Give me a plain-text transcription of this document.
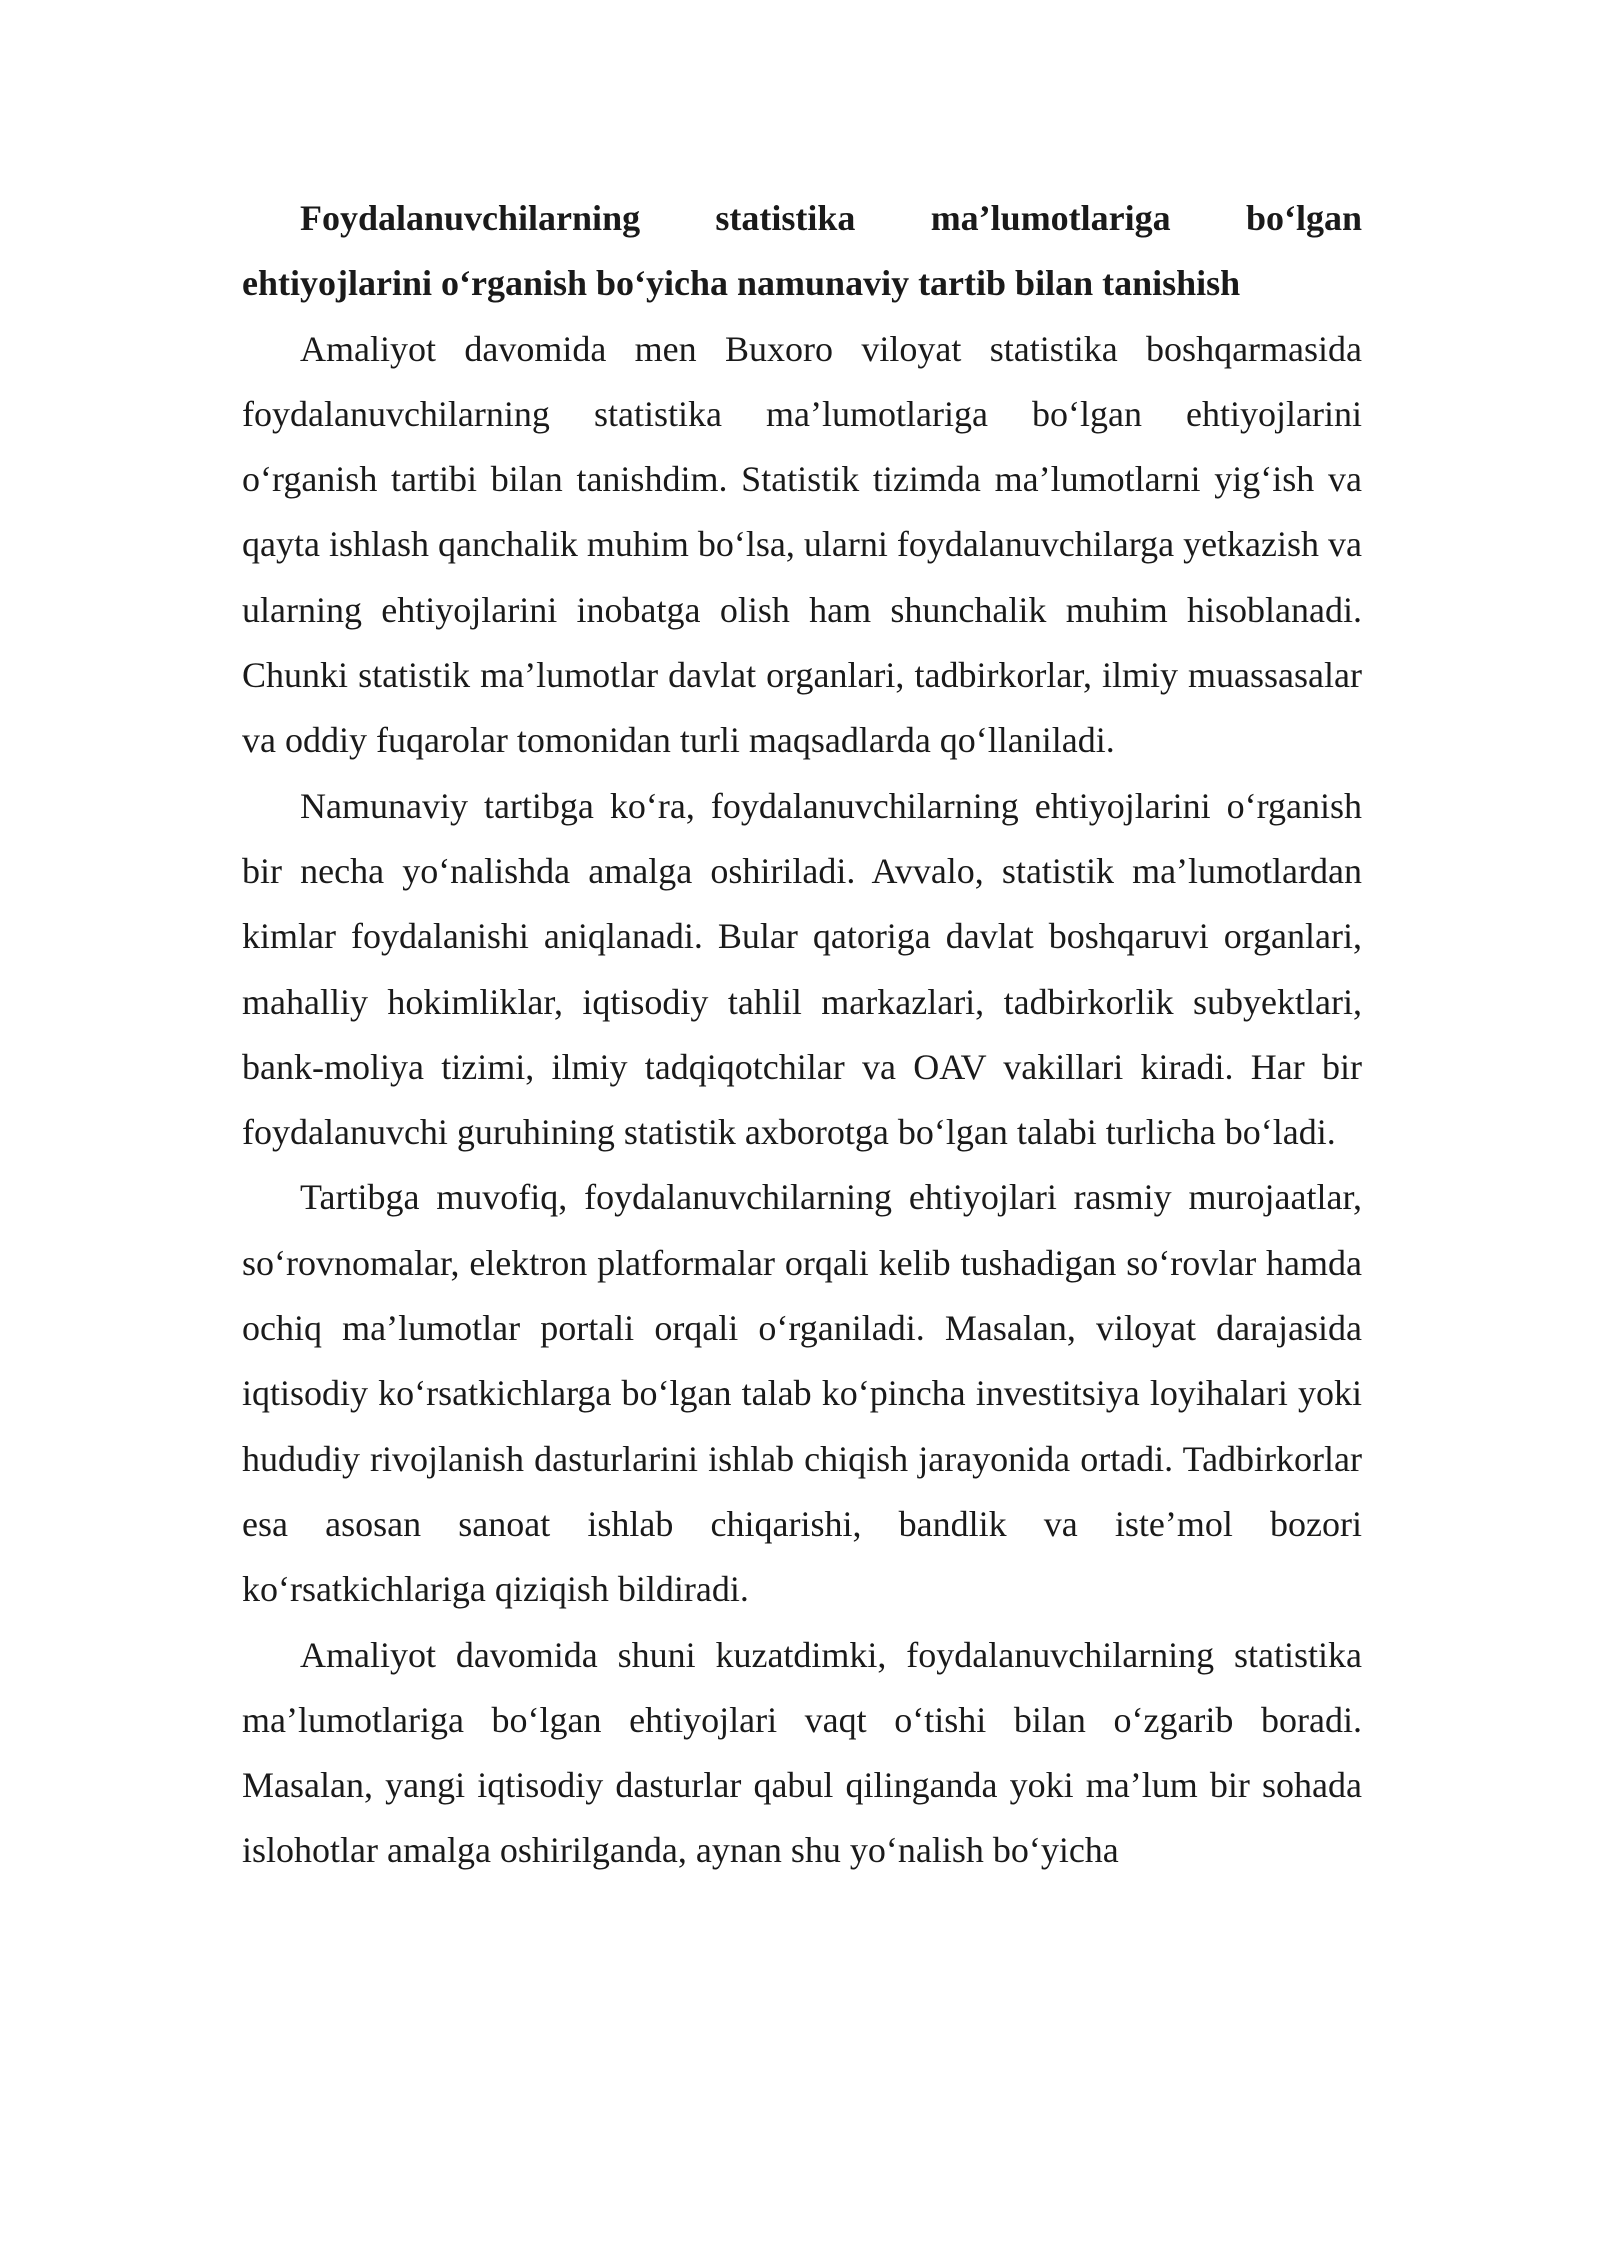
Foydalanuvchilarning statistika ma’lumotlariga bo‘lgan ehtiyojlarini o‘rganish bo‘yicha namunaviy tartib bilan tanishish

Amaliyot davomida men Buxoro viloyat statistika boshqarmasida foydalanuvchilarning statistika ma’lumotlariga bo‘lgan ehtiyojlarini o‘rganish tartibi bilan tanishdim. Statistik tizimda ma’lumotlarni yig‘ish va qayta ishlash qanchalik muhim bo‘lsa, ularni foydalanuvchilarga yetkazish va ularning ehtiyojlarini inobatga olish ham shunchalik muhim hisoblanadi. Chunki statistik ma’lumotlar davlat organlari, tadbirkorlar, ilmiy muassasalar va oddiy fuqarolar tomonidan turli maqsadlarda qo‘llaniladi.

Namunaviy tartibga ko‘ra, foydalanuvchilarning ehtiyojlarini o‘rganish bir necha yo‘nalishda amalga oshiriladi. Avvalo, statistik ma’lumotlardan kimlar foydalanishi aniqlanadi. Bular qatoriga davlat boshqaruvi organlari, mahalliy hokimliklar, iqtisodiy tahlil markazlari, tadbirkorlik subyektlari, bank-moliya tizimi, ilmiy tadqiqotchilar va OAV vakillari kiradi. Har bir foydalanuvchi guruhining statistik axborotga bo‘lgan talabi turlicha bo‘ladi.

Tartibga muvofiq, foydalanuvchilarning ehtiyojlari rasmiy murojaatlar, so‘rovnomalar, elektron platformalar orqali kelib tushadigan so‘rovlar hamda ochiq ma’lumotlar portali orqali o‘rganiladi. Masalan, viloyat darajasida iqtisodiy ko‘rsatkichlarga bo‘lgan talab ko‘pincha investitsiya loyihalari yoki hududiy rivojlanish dasturlarini ishlab chiqish jarayonida ortadi. Tadbirkorlar esa asosan sanoat ishlab chiqarishi, bandlik va iste’mol bozori ko‘rsatkichlariga qiziqish bildiradi.

Amaliyot davomida shuni kuzatdimki, foydalanuvchilarning statistika ma’lumotlariga bo‘lgan ehtiyojlari vaqt o‘tishi bilan o‘zgarib boradi. Masalan, yangi iqtisodiy dasturlar qabul qilinganda yoki ma’lum bir sohada islohotlar amalga oshirilganda, aynan shu yo‘nalish bo‘yicha
